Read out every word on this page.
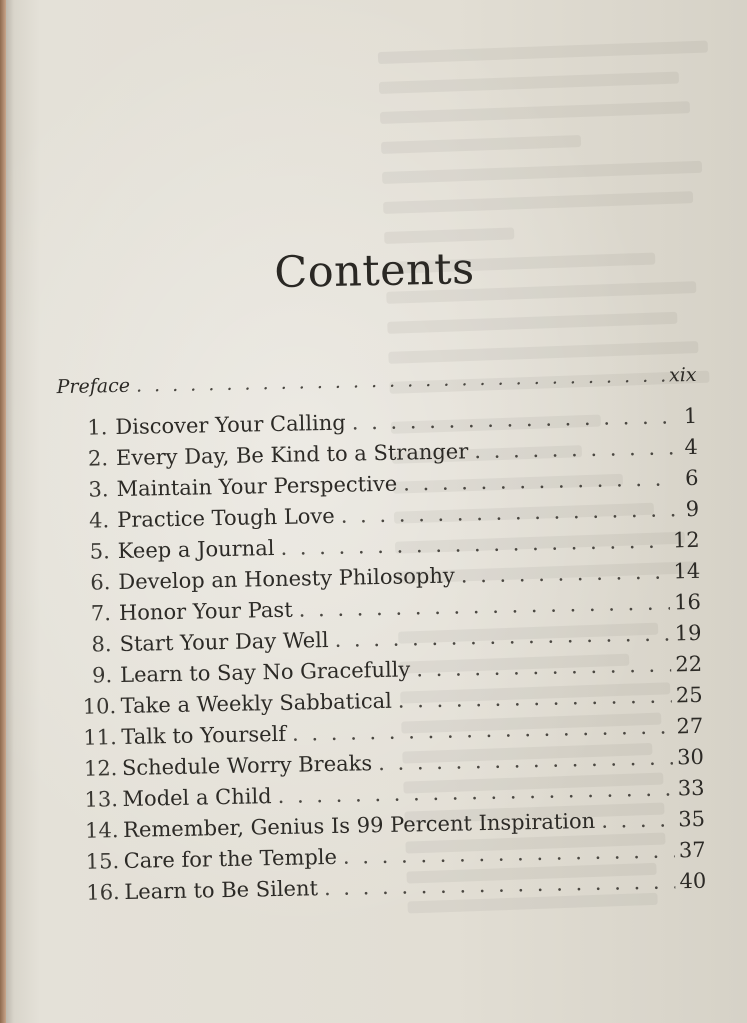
Contents
Preface . . .	xix
1. Discover Your Calling . . .	1
2. Every Day, Be Kind to a Stranger . . .	4
3. Maintain Your Perspective . . .	6
4. Practice Tough Love . . .	9
5. Keep a Journal . . .	12
6. Develop an Honesty Philosophy . . .	14
7. Honor Your Past . . .	16
8. Start Your Day Well . . .	19
9. Learn to Say No Gracefully . . .	22
10. Take a Weekly Sabbatical . . .	25
11. Talk to Yourself . . .	27
12. Schedule Worry Breaks . . .	30
13. Model a Child . . .	33
14. Remember, Genius Is 99 Percent Inspiration . . .	35
15. Care for the Temple . . .	37
16. Learn to Be Silent . . .	40
